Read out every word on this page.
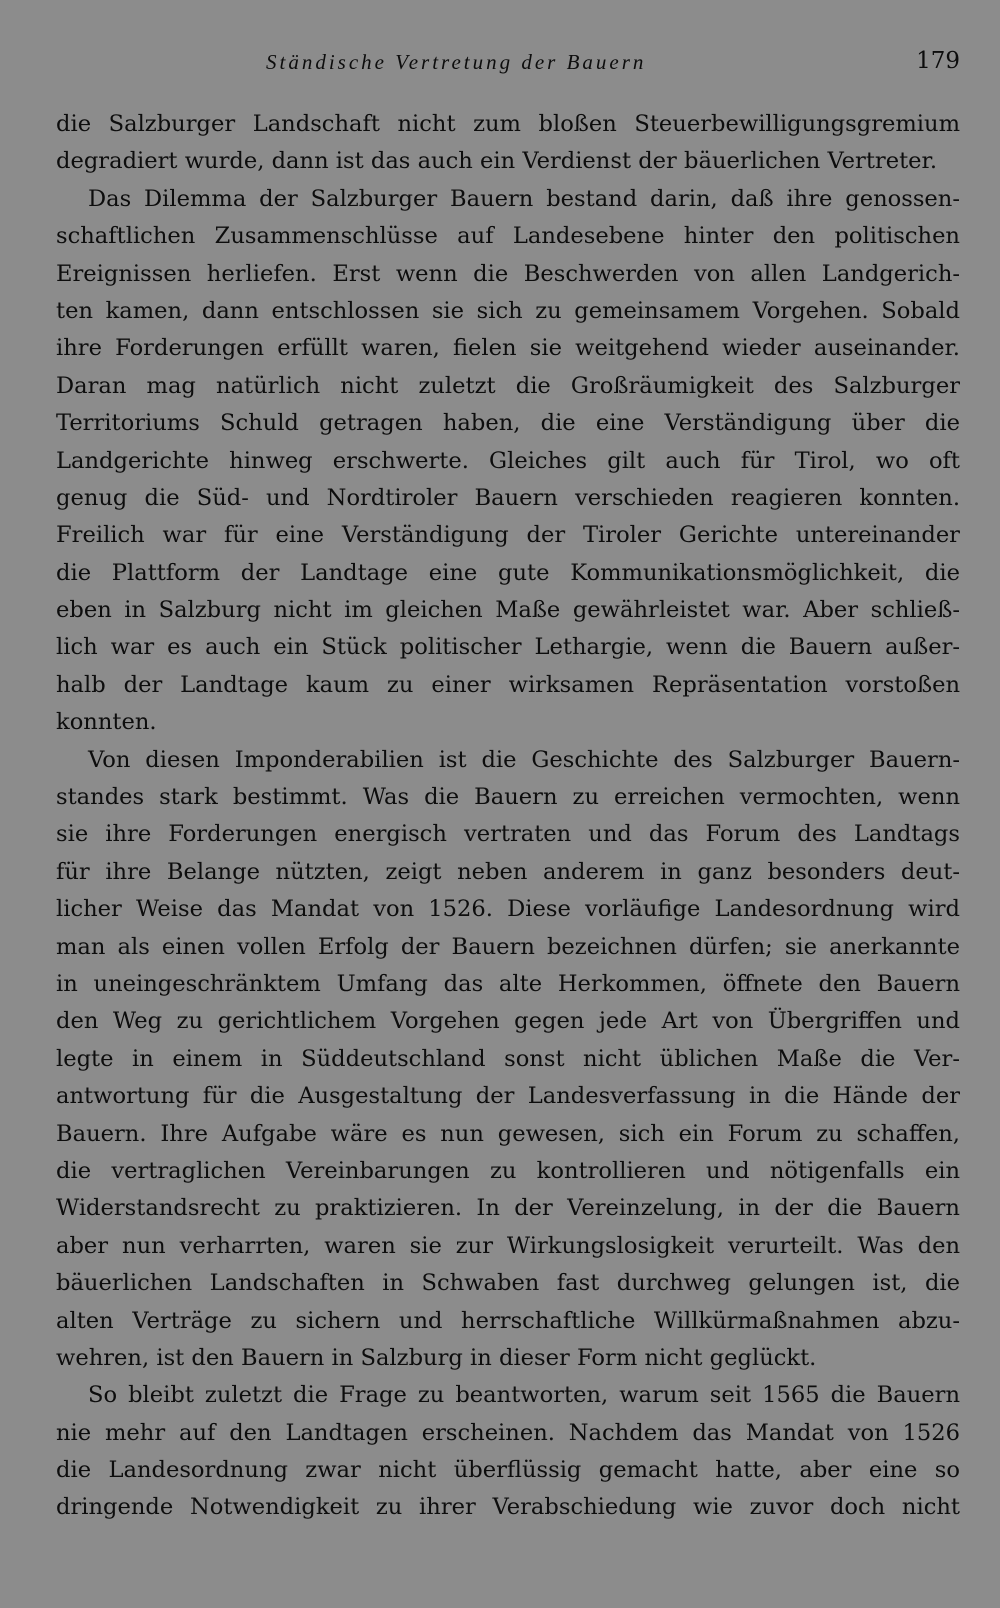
Ständische Vertretung der Bauern	179
die Salzburger Landschaft nicht zum bloßen Steuerbewilligungsgremium
degradiert wurde, dann ist das auch ein Verdienst der bäuerlichen Vertreter.
Das Dilemma der Salzburger Bauern bestand darin, daß ihre genossen-
schaftlichen Zusammenschlüsse auf Landesebene hinter den politischen
Ereignissen herliefen. Erst wenn die Beschwerden von allen Landgerich-
ten kamen, dann entschlossen sie sich zu gemeinsamem Vorgehen. Sobald
ihre Forderungen erfüllt waren, fielen sie weitgehend wieder auseinander.
Daran mag natürlich nicht zuletzt die Großräumigkeit des Salzburger
Territoriums Schuld getragen haben, die eine Verständigung über die
Landgerichte hinweg erschwerte. Gleiches gilt auch für Tirol, wo oft
genug die Süd- und Nordtiroler Bauern verschieden reagieren konnten.
Freilich war für eine Verständigung der Tiroler Gerichte untereinander
die Plattform der Landtage eine gute Kommunikationsmöglichkeit, die
eben in Salzburg nicht im gleichen Maße gewährleistet war. Aber schließ-
lich war es auch ein Stück politischer Lethargie, wenn die Bauern außer-
halb der Landtage kaum zu einer wirksamen Repräsentation vorstoßen
konnten.
Von diesen Imponderabilien ist die Geschichte des Salzburger Bauern-
standes stark bestimmt. Was die Bauern zu erreichen vermochten, wenn
sie ihre Forderungen energisch vertraten und das Forum des Landtags
für ihre Belange nützten, zeigt neben anderem in ganz besonders deut-
licher Weise das Mandat von 1526. Diese vorläufige Landesordnung wird
man als einen vollen Erfolg der Bauern bezeichnen dürfen; sie anerkannte
in uneingeschränktem Umfang das alte Herkommen, öffnete den Bauern
den Weg zu gerichtlichem Vorgehen gegen jede Art von Übergriffen und
legte in einem in Süddeutschland sonst nicht üblichen Maße die Ver-
antwortung für die Ausgestaltung der Landesverfassung in die Hände der
Bauern. Ihre Aufgabe wäre es nun gewesen, sich ein Forum zu schaffen,
die vertraglichen Vereinbarungen zu kontrollieren und nötigenfalls ein
Widerstandsrecht zu praktizieren. In der Vereinzelung, in der die Bauern
aber nun verharrten, waren sie zur Wirkungslosigkeit verurteilt. Was den
bäuerlichen Landschaften in Schwaben fast durchweg gelungen ist, die
alten Verträge zu sichern und herrschaftliche Willkürmaßnahmen abzu-
wehren, ist den Bauern in Salzburg in dieser Form nicht geglückt.
So bleibt zuletzt die Frage zu beantworten, warum seit 1565 die Bauern
nie mehr auf den Landtagen erscheinen. Nachdem das Mandat von 1526
die Landesordnung zwar nicht überflüssig gemacht hatte, aber eine so
dringende Notwendigkeit zu ihrer Verabschiedung wie zuvor doch nicht
